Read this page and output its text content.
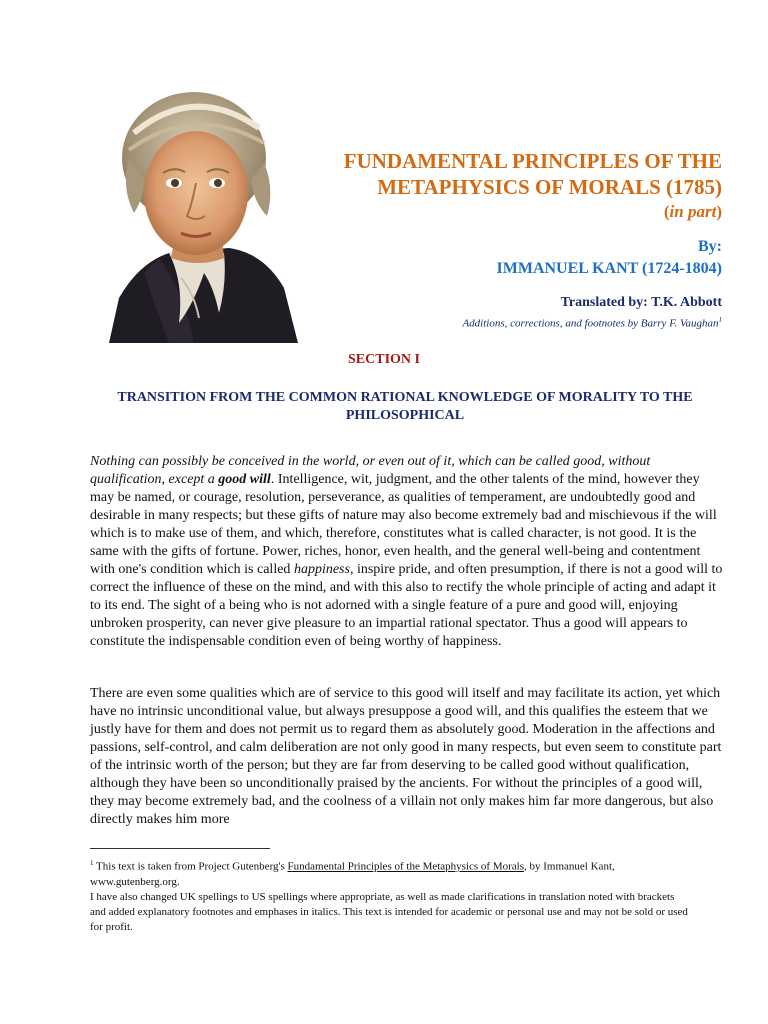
FUNDAMENTAL PRINCIPLES OF THE
METAPHYSICS OF MORALS (1785)
(in part)
By:
IMMANUEL KANT (1724-1804)
Translated by: T.K. Abbott
Additions, corrections, and footnotes by Barry F. Vaughan$^1$
SECTION I
TRANSITION FROM THE COMMON RATIONAL KNOWLEDGE OF MORALITY TO THE
PHILOSOPHICAL

Nothing can possibly be conceived in the world, or even out of it, which can be called good, without qualification, except a good will. Intelligence, wit, judgment, and the other talents of the mind, however they may be named, or courage, resolution, perseverance, as qualities of temperament, are undoubtedly good and desirable in many respects; but these gifts of nature may also become extremely bad and mischievous if the will which is to make use of them, and which, therefore, constitutes what is called character, is not good. It is the same with the gifts of fortune. Power, riches, honor, even health, and the general well-being and contentment with one's condition which is called happiness, inspire pride, and often presumption, if there is not a good will to correct the influence of these on the mind, and with this also to rectify the whole principle of acting and adapt it to its end. The sight of a being who is not adorned with a single feature of a pure and good will, enjoying unbroken prosperity, can never give pleasure to an impartial rational spectator. Thus a good will appears to constitute the indispensable condition even of being worthy of happiness.

There are even some qualities which are of service to this good will itself and may facilitate its action, yet which have no intrinsic unconditional value, but always presuppose a good will, and this qualifies the esteem that we justly have for them and does not permit us to regard them as absolutely good. Moderation in the affections and passions, self-control, and calm deliberation are not only good in many respects, but even seem to constitute part of the intrinsic worth of the person; but they are far from deserving to be called good without qualification, although they have been so unconditionally praised by the ancients. For without the principles of a good will, they may become extremely bad, and the coolness of a villain not only makes him far more dangerous, but also directly makes him more

$^1$ This text is taken from Project Gutenberg's Fundamental Principles of the Metaphysics of Morals, by Immanuel Kant, www.gutenberg.org.

I have also changed UK spellings to US spellings where appropriate, as well as made clarifications in translation noted with brackets and added explanatory footnotes and emphases in italics. This text is intended for academic or personal use and may not be sold or used for profit.
